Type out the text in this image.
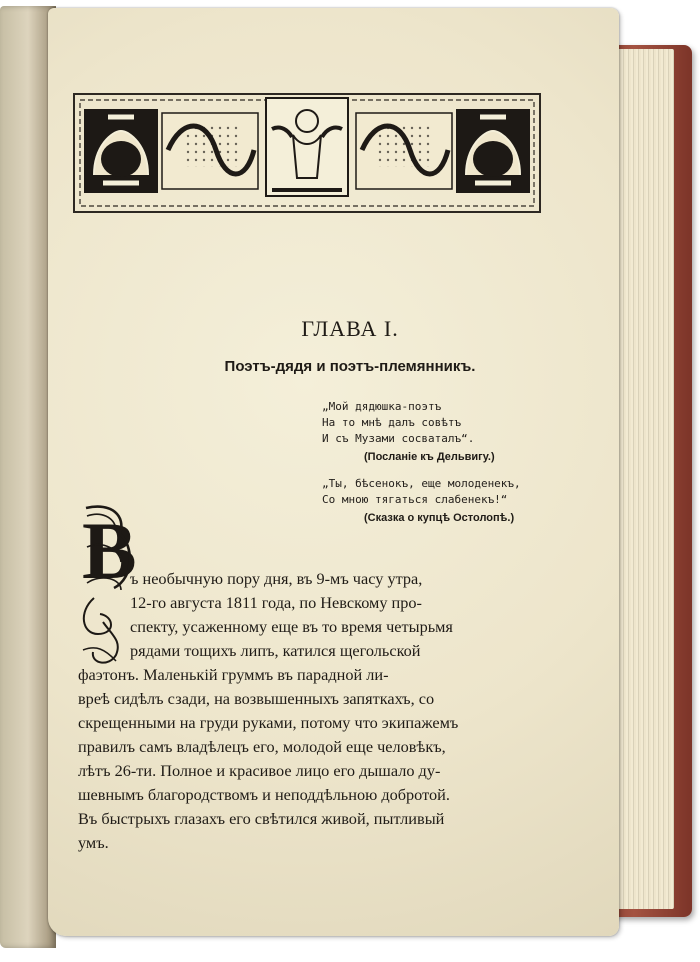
ГЛАВА I.
Поэтъ-дядя и поэтъ-племянникъ.
„Мой дядюшка-поэтъ
На то мнѣ далъ совѣтъ
И съ Музами сосваталъ“.
(Посланiе къ Дельвигу.)
„Ты, бѣсенокъ, еще молоденекъ,
Со мною тягаться слабенекъ!“
(Сказка о купцѣ Остолопѣ.)
В
ъ необычную пору дня, въ 9-мъ часу утра,
12-го августа 1811 года, по Невскому про-
спекту, усаженному еще въ то время четырьмя
рядами тощихъ липъ, катился щегольской
фаэтонъ. Маленькiй груммъ въ парадной ли-
врeѣ сидѣлъ сзади, на возвышенныхъ запяткахъ, со
скрещенными на груди руками, потому что экипажемъ
правилъ самъ владѣлецъ его, молодой еще человѣкъ,
лѣтъ 26-ти. Полное и красивое лицо его дышало ду-
шевнымъ благородствомъ и неподдѣльною добротой.
Въ быстрыхъ глазахъ его свѣтился живой, пытливый
умъ.
